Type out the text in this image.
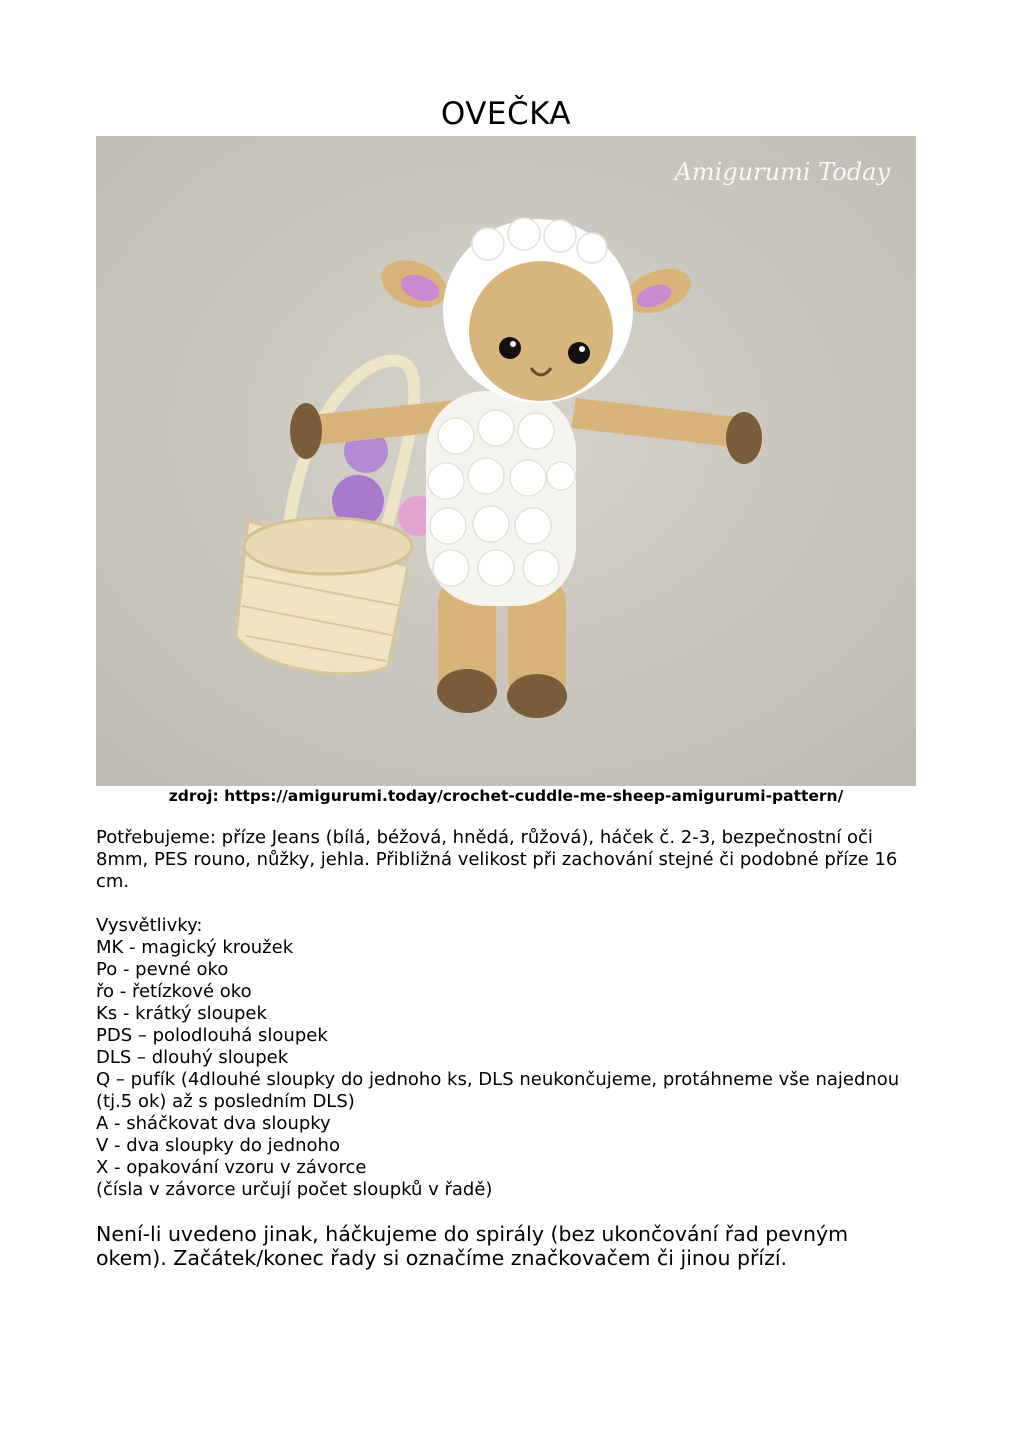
OVEČKA
Amigurumi Today
zdroj: https://amigurumi.today/crochet-cuddle-me-sheep-amigurumi-pattern/
Potřebujeme: příze Jeans (bílá, béžová, hnědá, růžová), háček č. 2-3, bezpečnostní oči 8mm, PES rouno, nůžky, jehla. Přibližná velikost při zachování stejné či podobné příze 16 cm.
Vysvětlivky:
MK - magický kroužek
Po - pevné oko
řo - řetízkové oko
Ks - krátký sloupek
PDS – polodlouhá sloupek
DLS – dlouhý sloupek
Q – pufík (4dlouhé sloupky do jednoho ks, DLS neukončujeme, protáhneme vše najednou (tj.5 ok) až s posledním DLS)
A - sháčkovat dva sloupky
V - dva sloupky do jednoho
X - opakování vzoru v závorce
(čísla v závorce určují počet sloupků v řadě)
Není-li uvedeno jinak, háčkujeme do spirály (bez ukončování řad pevným okem). Začátek/konec řady si označíme značkovačem či jinou přízí.
